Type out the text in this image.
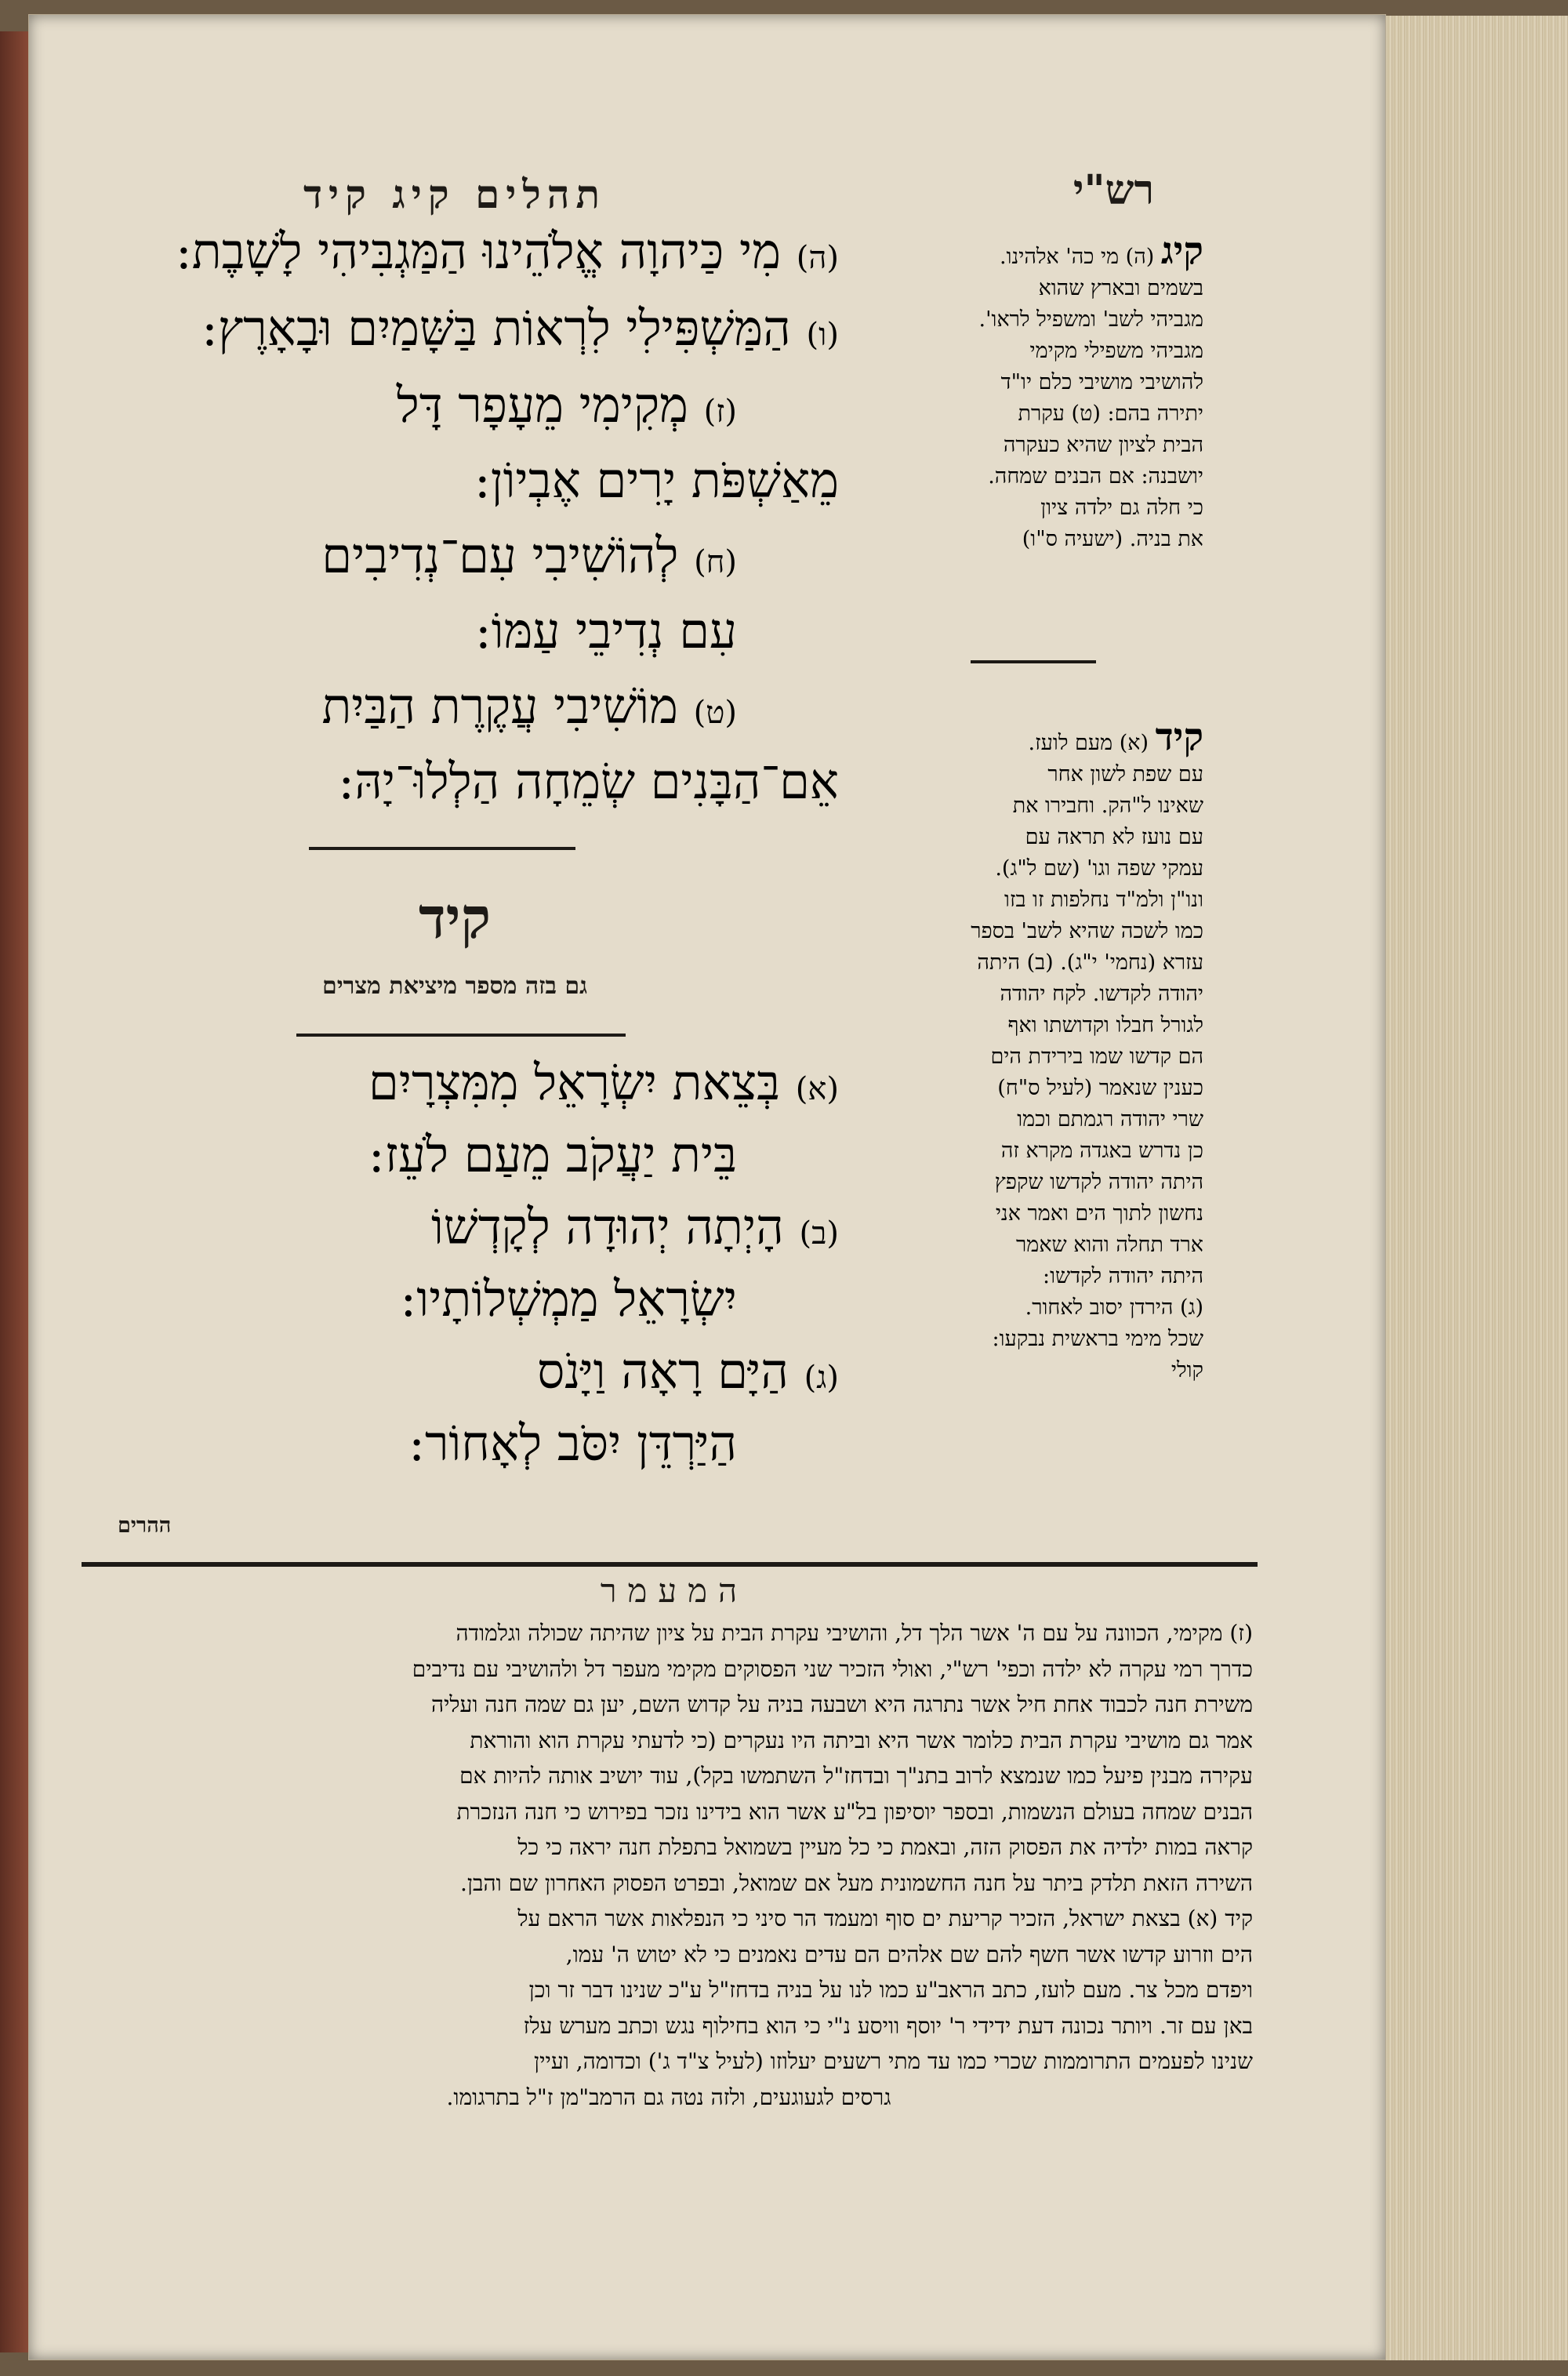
רש"י
תהלים קיג קיד
(ה) מִי כַּיהוָה אֱלֹהֵינוּ הַמַּגְבִּיהִי לָשָׁבֶת:
(ו) הַמַּשְׁפִּילִי לִרְאוֹת בַּשָּׁמַיִם וּבָאָרֶץ:
(ז) מְקִימִי מֵעָפָר דָּל
מֵאַשְׁפֹּת יָרִים אֶבְיוֹן:
(ח) לְהוֹשִׁיבִי עִם־נְדִיבִים
עִם נְדִיבֵי עַמּוֹ:
(ט) מוֹשִׁיבִי עֲקֶרֶת הַבַּיִת
אֵם־הַבָּנִים שְׂמֵחָה הַלְלוּ־יָהּ:
קיד
גם בזה מספר מיציאת מצרים
(א) בְּצֵאת יִשְׂרָאֵל מִמִּצְרָיִם
בֵּית יַעֲקֹב מֵעַם לֹעֵז:
(ב) הָיְתָה יְהוּדָה לְקָדְשׁוֹ
יִשְׂרָאֵל מַמְשְׁלוֹתָיו:
(ג) הַיָּם רָאָה וַיָּנֹס
הַיַּרְדֵּן יִסֹּב לְאָחוֹר:
קיג (ה) מי כה' אלהינו.
בשמים ובארץ שהוא
מגביהי לשב' ומשפיל לראו'.
מגביהי משפילי מקימי
להושיבי מושיבי כלם יו"ד
יתירה בהם: (ט) עקרת
הבית לציון שהיא כעקרה
יושבנה: אם הבנים שמחה.
כי חלה גם ילדה ציון
את בניה. (ישעיה ס"ו)
קיד (א) מעם לועז.
עם שפת לשון אחר
שאינו ל"הק. וחבירו את
עם נועז לא תראה עם
עמקי שפה וגו' (שם ל"ג).
ונו"ן ולמ"ד נחלפות זו בזו
כמו לשכה שהיא לשב' בספר
עזרא (נחמי' י"ג). (ב) היתה
יהודה לקדשו. לקח יהודה
לגורל חבלו וקדושתו ואף
הם קדשו שמו בירידת הים
כענין שנאמר (לעיל ס"ח)
שרי יהודה רגמתם וכמו
כן נדרש באגדה מקרא זה
היתה יהודה לקדשו שקפץ
נחשון לתוך הים ואמר אני
ארד תחלה והוא שאמר
היתה יהודה לקדשו:
(ג) הירדן יסוב לאחור.
שכל מימי בראשית נבקעו:
קולי
ההרים
המעמר
(ז) מקימי, הכוונה על עם ה' אשר הלך דל, והושיבי עקרת הבית על ציון שהיתה שכולה וגלמודה
כדרך רמי עקרה לא ילדה וכפי' רש"י, ואולי הזכיר שני הפסוקים מקימי מעפר דל ולהושיבי עם נדיבים
משירת חנה לכבוד אחת חיל אשר נתרגה היא ושבעה בניה על קדוש השם, יען גם שמה חנה ועליה
אמר גם מושיבי עקרת הבית כלומר אשר היא וביתה היו נעקרים (כי לדעתי עקרת הוא והוראת
עקירה מבנין פיעל כמו שנמצא לרוב בתנ"ך ובדחז"ל השתמשו בקל), עוד יושיב אותה להיות אם
הבנים שמחה בעולם הנשמות, ובספר יוסיפון בל"ע אשר הוא בידינו נזכר בפירוש כי חנה הנזכרת
קראה במות ילדיה את הפסוק הזה, ובאמת כי כל מעיין בשמואל בתפלת חנה יראה כי כל
השירה הזאת תלדק ביתר על חנה החשמונית מעל אם שמואל, ובפרט הפסוק האחרון שם והבן.
קיד (א) בצאת ישראל, הזכיר קריעת ים סוף ומעמד הר סיני כי הנפלאות אשר הראם על
הים וזרוע קדשו אשר חשף להם שם אלהים הם עדים נאמנים כי לא יטוש ה' עמו,
ויפדם מכל צר. מעם לועז, כתב הראב"ע כמו לנו על בניה בדחז"ל ע"כ שנינו דבר זר וכן
באן עם זר. ויותר נכונה דעת ידידי ר' יוסף וויסע נ"י כי הוא בחילוף נגש וכתב מערש עלז
שנינו לפעמים התרוממות שכרי כמו עד מתי רשעים יעלוזו (לעיל צ"ד ג') וכדומה, ועיין
גרסים לגעוגעים, ולזה נטה גם הרמב"מן ז"ל בתרגומו.
